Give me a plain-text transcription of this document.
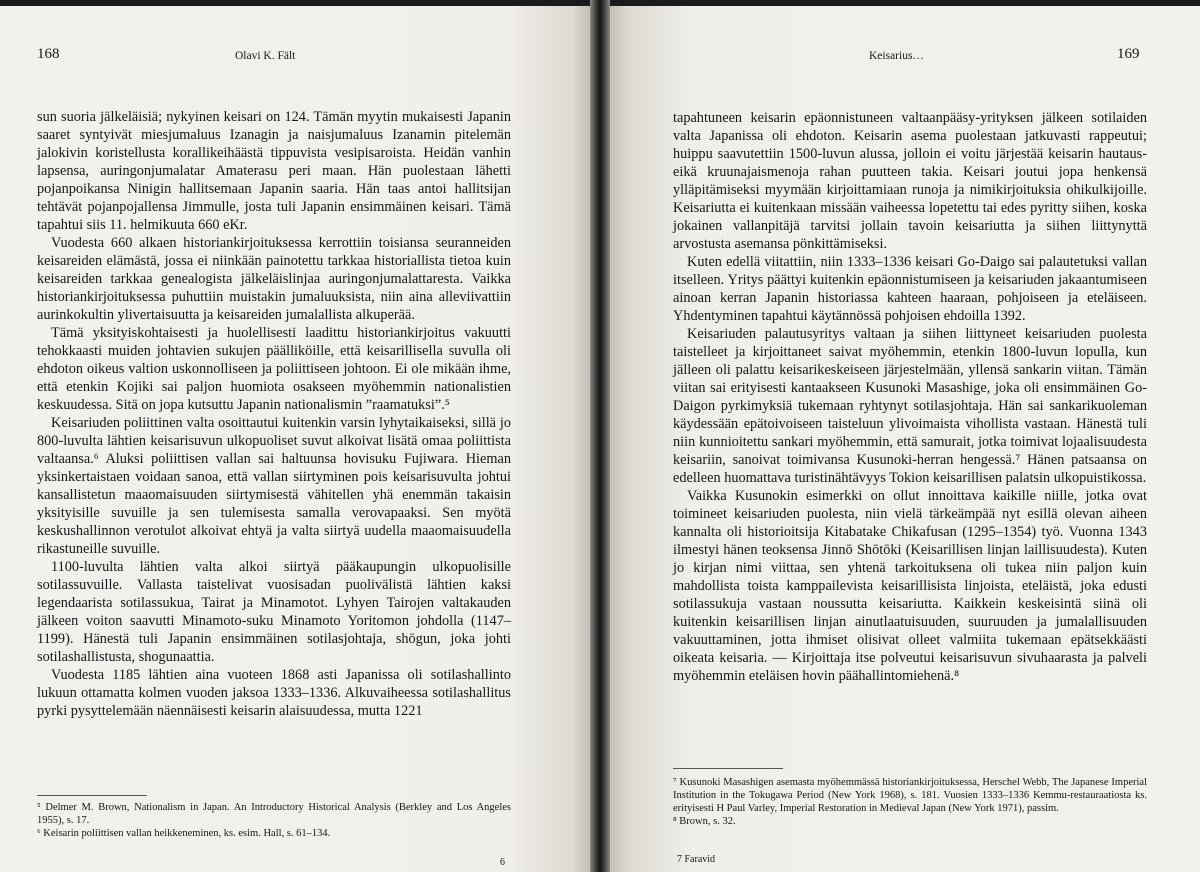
168	Olavi K. Fält

sun suoria jälkeläisiä; nykyinen keisari on 124. Tämän myytin mukaisesti Japanin saaret syntyivät miesjumaluus Izanagin ja naisjumaluus Izanamin pitelemän jalokivin koristellusta korallikeihäästä tippuvista vesipisaroista. Heidän vanhin lapsensa, auringonjumalatar Amaterasu peri maan. Hän puolestaan lähetti pojanpoikansa Ninigin hallitsemaan Japanin saaria. Hän taas antoi hallitsijan tehtävät pojanpojallensa Jimmulle, josta tuli Japanin ensimmäinen keisari. Tämä tapahtui siis 11. helmikuuta 660 eKr.

Vuodesta 660 alkaen historiankirjoituksessa kerrottiin toisiansa seuranneiden keisareiden elämästä, jossa ei niinkään painotettu tarkkaa historiallista tietoa kuin keisareiden tarkkaa genealogista jälkeläislinjaa auringonjumalattaresta. Vaikka historiankirjoituksessa puhuttiin muistakin jumaluuksista, niin aina alleviivattiin aurinkokultin ylivertaisuutta ja keisareiden jumalallista alkuperää.

Tämä yksityiskohtaisesti ja huolellisesti laadittu historiankirjoitus vakuutti tehokkaasti muiden johtavien sukujen päälliköille, että keisarillisella suvulla oli ehdoton oikeus valtion uskonnolliseen ja poliittiseen johtoon. Ei ole mikään ihme, että etenkin Kojiki sai paljon huomiota osakseen myöhemmin nationalistien keskuudessa. Sitä on jopa kutsuttu Japanin nationalismin ”raamatuksi”.⁵

Keisariuden poliittinen valta osoittautui kuitenkin varsin lyhytaikaiseksi, sillä jo 800-luvulta lähtien keisarisuvun ulkopuoliset suvut alkoivat lisätä omaa poliittista valtaansa.⁶ Aluksi poliittisen vallan sai haltuunsa hovisuku Fujiwara. Hieman yksinkertaistaen voidaan sanoa, että vallan siirtyminen pois keisarisuvulta johtui kansallistetun maaomaisuuden siirtymisestä vähitellen yhä enemmän takaisin yksityisille suvuille ja sen tulemisesta samalla verovapaaksi. Sen myötä keskushallinnon verotulot alkoivat ehtyä ja valta siirtyä uudella maaomaisuudella rikastuneille suvuille.

1100-luvulta lähtien valta alkoi siirtyä pääkaupungin ulkopuolisille sotilassuvuille. Vallasta taistelivat vuosisadan puolivälistä lähtien kaksi legendaarista sotilassukua, Tairat ja Minamotot. Lyhyen Tairojen valtakauden jälkeen voiton saavutti Minamoto-suku Minamoto Yoritomon johdolla (1147–1199). Hänestä tuli Japanin ensimmäinen sotilasjohtaja, shōgun, joka johti sotilashallistusta, shogunaattia.

Vuodesta 1185 lähtien aina vuoteen 1868 asti Japanissa oli sotilashallinto lukuun ottamatta kolmen vuoden jaksoa 1333–1336. Alkuvaiheessa sotilashallitus pyrki pysyttelemään näennäisesti keisarin alaisuudessa, mutta 1221

⁵ Delmer M. Brown, Nationalism in Japan. An Introductory Historical Analysis (Berkley and Los Angeles 1955), s. 17.

⁶ Keisarin poliittisen vallan heikkeneminen, ks. esim. Hall, s. 61–134.

6
Keisarius…	169

tapahtuneen keisarin epäonnistuneen valtaanpääsy-yrityksen jälkeen sotilaiden valta Japanissa oli ehdoton. Keisarin asema puolestaan jatkuvasti rappeutui; huippu saavutettiin 1500-luvun alussa, jolloin ei voitu järjestää keisarin hautaus- eikä kruunajaismenoja rahan puutteen takia. Keisari joutui jopa henkensä ylläpitämiseksi myymään kirjoittamiaan runoja ja nimikirjoituksia ohikulkijoille. Keisariutta ei kuitenkaan missään vaiheessa lopetettu tai edes pyritty siihen, koska jokainen vallanpitäjä tarvitsi jollain tavoin keisariutta ja siihen liittynyttä arvostusta asemansa pönkittämiseksi.

Kuten edellä viitattiin, niin 1333–1336 keisari Go-Daigo sai palautetuksi vallan itselleen. Yritys päättyi kuitenkin epäonnistumiseen ja keisariuden jakaantumiseen ainoan kerran Japanin historiassa kahteen haaraan, pohjoiseen ja eteläiseen. Yhdentyminen tapahtui käytännössä pohjoisen ehdoilla 1392.

Keisariuden palautusyritys valtaan ja siihen liittyneet keisariuden puolesta taistelleet ja kirjoittaneet saivat myöhemmin, etenkin 1800-luvun lopulla, kun jälleen oli palattu keisarikeskeiseen järjestelmään, yllensä sankarin viitan. Tämän viitan sai erityisesti kantaakseen Kusunoki Masashige, joka oli ensimmäinen Go-Daigon pyrkimyksiä tukemaan ryhtynyt sotilasjohtaja. Hän sai sankarikuoleman käydessään epätoivoiseen taisteluun ylivoimaista vihollista vastaan. Hänestä tuli niin kunnioitettu sankari myöhemmin, että samurait, jotka toimivat lojaalisuudesta keisariin, sanoivat toimivansa Kusunoki-herran hengessä.⁷ Hänen patsaansa on edelleen huomattava turistinähtävyys Tokion keisarillisen palatsin ulkopuistikossa.

Vaikka Kusunokin esimerkki on ollut innoittava kaikille niille, jotka ovat toimineet keisariuden puolesta, niin vielä tärkeämpää nyt esillä olevan aiheen kannalta oli historioitsija Kitabatake Chikafusan (1295–1354) työ. Vuonna 1343 ilmestyi hänen teoksensa Jinnō Shōtōki (Keisarillisen linjan laillisuudesta). Kuten jo kirjan nimi viittaa, sen yhtenä tarkoituksena oli tukea niin paljon kuin mahdollista toista kamppailevista keisarillisista linjoista, eteläistä, joka edusti sotilassukuja vastaan noussutta keisariutta. Kaikkein keskeisintä siinä oli kuitenkin keisarillisen linjan ainutlaatuisuuden, suuruuden ja jumalallisuuden vakuuttaminen, jotta ihmiset olisivat olleet valmiita tukemaan epätsekkäästi oikeata keisaria. — Kirjoittaja itse polveutui keisarisuvun sivuhaarasta ja palveli myöhemmin eteläisen hovin päähallintomiehenä.⁸

⁷ Kusunoki Masashigen asemasta myöhemmässä historiankirjoituksessa, Herschel Webb, The Japanese Imperial Institution in the Tokugawa Period (New York 1968), s. 181. Vuosien 1333–1336 Kemmu-restauraatiosta ks. erityisesti H Paul Varley, Imperial Restoration in Medieval Japan (New York 1971), passim.

⁸ Brown, s. 32.

7 Faravid
